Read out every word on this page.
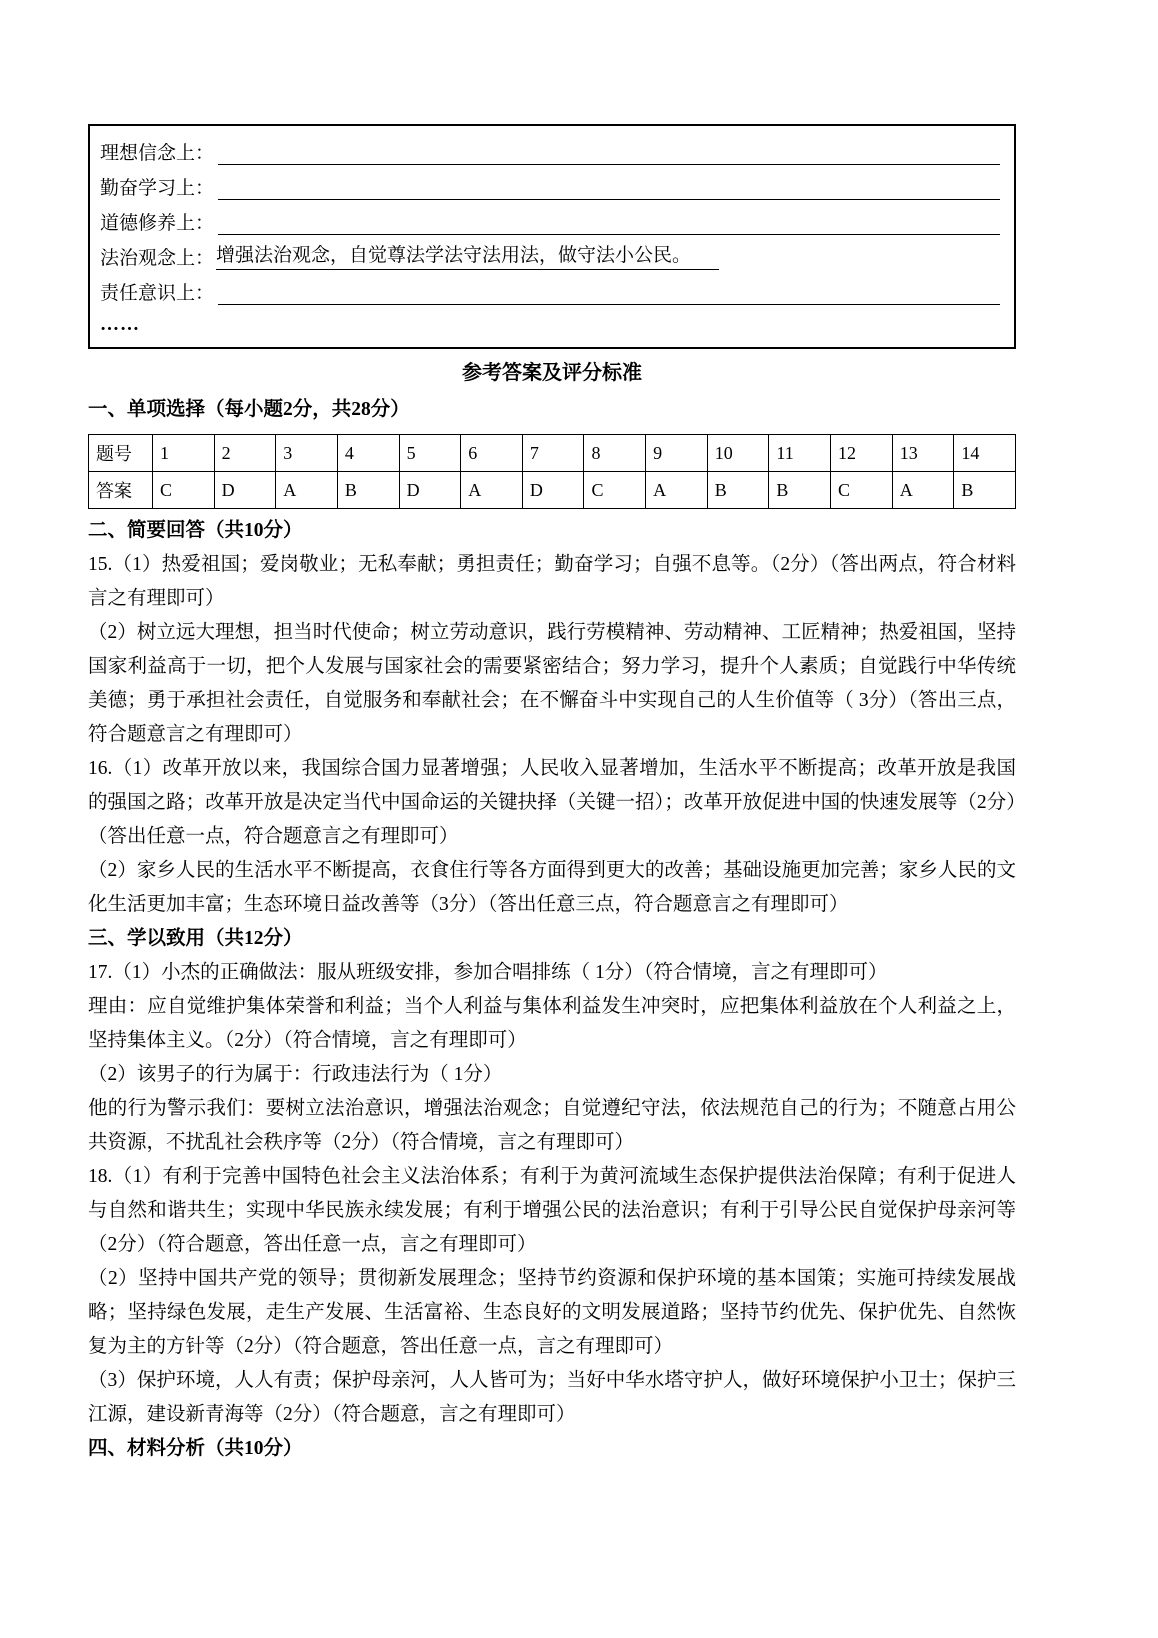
理想信念上：
勤奋学习上：
道德修养上：
法治观念上： 增强法治观念，自觉尊法学法守法用法，做守法小公民。
责任意识上：
……
参考答案及评分标准
一、单项选择（每小题2分，共28分）
题号	1	2	3	4	5	6	7	8	9	10	11	12	13	14
答案	C	D	A	B	D	A	D	C	A	B	B	C	A	B
二、简要回答（共10分）

15.（1）热爱祖国；爱岗敬业；无私奉献；勇担责任；勤奋学习；自强不息等。（2分）（答出两点，符合材料言之有理即可）

（2）树立远大理想，担当时代使命；树立劳动意识，践行劳模精神、劳动精神、工匠精神；热爱祖国，坚持国家利益高于一切，把个人发展与国家社会的需要紧密结合；努力学习，提升个人素质；自觉践行中华传统美德；勇于承担社会责任，自觉服务和奉献社会；在不懈奋斗中实现自己的人生价值等（ 3分）（答出三点，符合题意言之有理即可）

16.（1）改革开放以来，我国综合国力显著增强；人民收入显著增加，生活水平不断提高；改革开放是我国的强国之路；改革开放是决定当代中国命运的关键抉择（关键一招）；改革开放促进中国的快速发展等（2分）（答出任意一点，符合题意言之有理即可）

（2）家乡人民的生活水平不断提高，衣食住行等各方面得到更大的改善；基础设施更加完善；家乡人民的文化生活更加丰富；生态环境日益改善等（3分）（答出任意三点，符合题意言之有理即可）

三、学以致用（共12分）

17.（1）小杰的正确做法：服从班级安排，参加合唱排练（ 1分）（符合情境，言之有理即可）

理由：应自觉维护集体荣誉和利益；当个人利益与集体利益发生冲突时，应把集体利益放在个人利益之上，坚持集体主义。（2分）（符合情境，言之有理即可）

（2）该男子的行为属于：行政违法行为（ 1分）

他的行为警示我们：要树立法治意识，增强法治观念；自觉遵纪守法，依法规范自己的行为；不随意占用公共资源，不扰乱社会秩序等（2分）（符合情境，言之有理即可）

18.（1）有利于完善中国特色社会主义法治体系；有利于为黄河流域生态保护提供法治保障；有利于促进人与自然和谐共生；实现中华民族永续发展；有利于增强公民的法治意识；有利于引导公民自觉保护母亲河等（2分）（符合题意，答出任意一点，言之有理即可）

（2）坚持中国共产党的领导；贯彻新发展理念；坚持节约资源和保护环境的基本国策；实施可持续发展战略；坚持绿色发展，走生产发展、生活富裕、生态良好的文明发展道路；坚持节约优先、保护优先、自然恢复为主的方针等（2分）（符合题意，答出任意一点，言之有理即可）

（3）保护环境，人人有责；保护母亲河，人人皆可为；当好中华水塔守护人，做好环境保护小卫士；保护三江源，建设新青海等（2分）（符合题意，言之有理即可）

四、材料分析（共10分）
